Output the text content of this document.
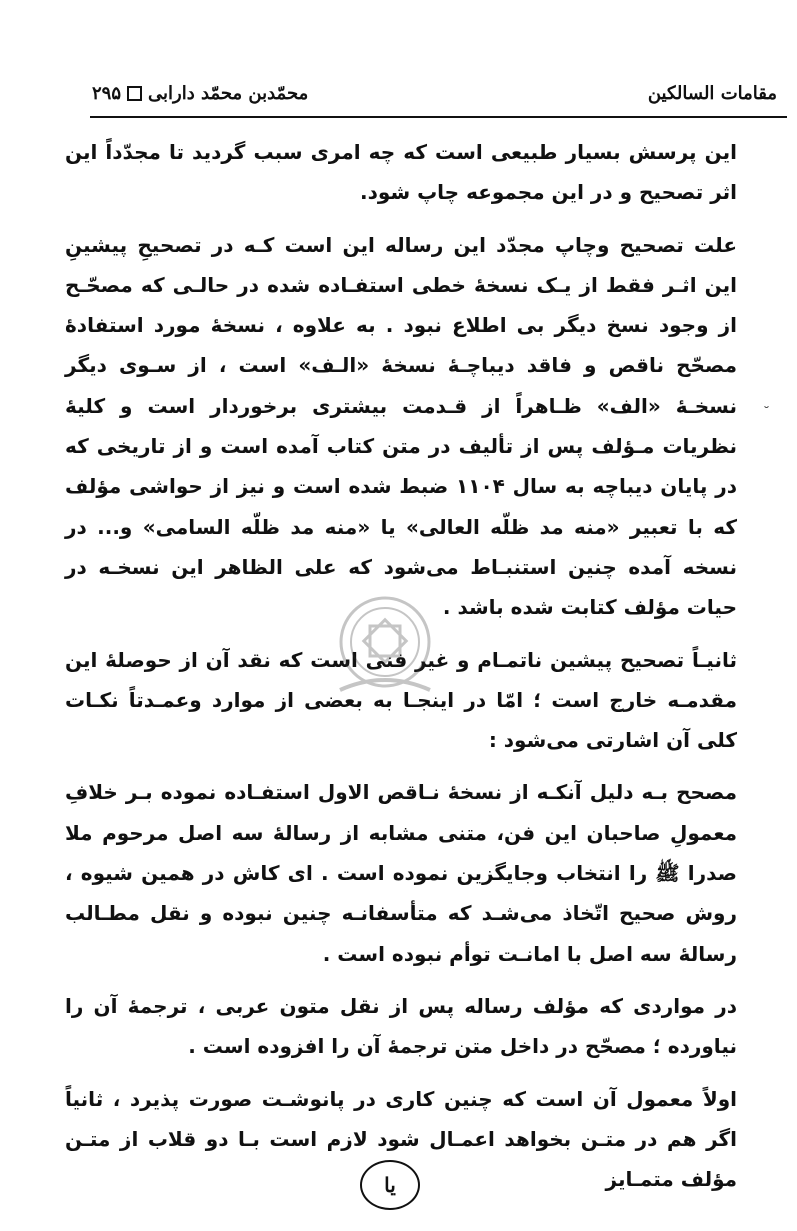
مقامات السالکین
محمّدبن محمّد دارابی
۲۹۵

این پرسش بسیار طبیعی است که چه امری سبب گردید تا مجدّداً این اثر تصحیح و در این مجموعه چاپ شود.

علت تصحیح وچاپ مجدّد این رساله این است کـه در تصحیحِ پیشینِ این اثـر فقط از یـک نسخهٔ خطی استفـاده شده در حالـی که مصحّـح از وجود نسخ دیگر بی اطلاع نبود . به علاوه ، نسخهٔ مورد استفادهٔ مصحّح ناقص و فاقد دیباچـهٔ نسخهٔ «الـف» است ، از سـوی دیگر نسخـهٔ «الف» ظـاهراً از قـدمت بیشتری برخوردار است و کلیهٔ نظریات مـؤلف پس از تألیف در متن کتاب آمده است و از تاریخی که در پایان دیباچه به سال ۱۱۰۴ ضبط شده است و نیز از حواشی مؤلف که با تعبیر «منه مد ظلّه العالی» یا «منه مد ظلّه السامی» و... در نسخه آمده چنین استنبـاط می‌شود که علی الظاهر این نسخـه در حیات مؤلف کتابت شده باشد .

ثانیـاً تصحیح پیشین ناتمـام و غیر فنی است که نقد آن از حوصلهٔ این مقدمـه خارج است ؛ امّا در اینجـا به بعضی از موارد وعمـدتاً نکـات کلی آن اشارتی می‌شود :

مصحح بـه دلیل آنکـه از نسخهٔ نـاقص الاول استفـاده نموده بـر خلافِ معمولِ صاحبان این فن، متنی مشابه از رسالهٔ سه اصل مرحوم ملا صدرا ﷺ را انتخاب وجایگزین نموده است . ای کاش در همین شیوه ، روش صحیح اتّخاذ می‌شـد که متأسفانـه چنین نبوده و نقل مطـالب رسالهٔ سه اصل با امانـت توأم نبوده است .

در مواردی که مؤلف رساله پس از نقل متون عربی ، ترجمهٔ آن را نیاورده ؛ مصحّح در داخل متن ترجمهٔ آن را افزوده است .

اولاً معمول آن است که چنین کاری در پانوشـت صورت پذیرد ، ثانیاً اگر هم در متـن بخواهد اعمـال شود لازم است بـا دو قلاب از متـن مؤلف متمـایز

˘
یا
